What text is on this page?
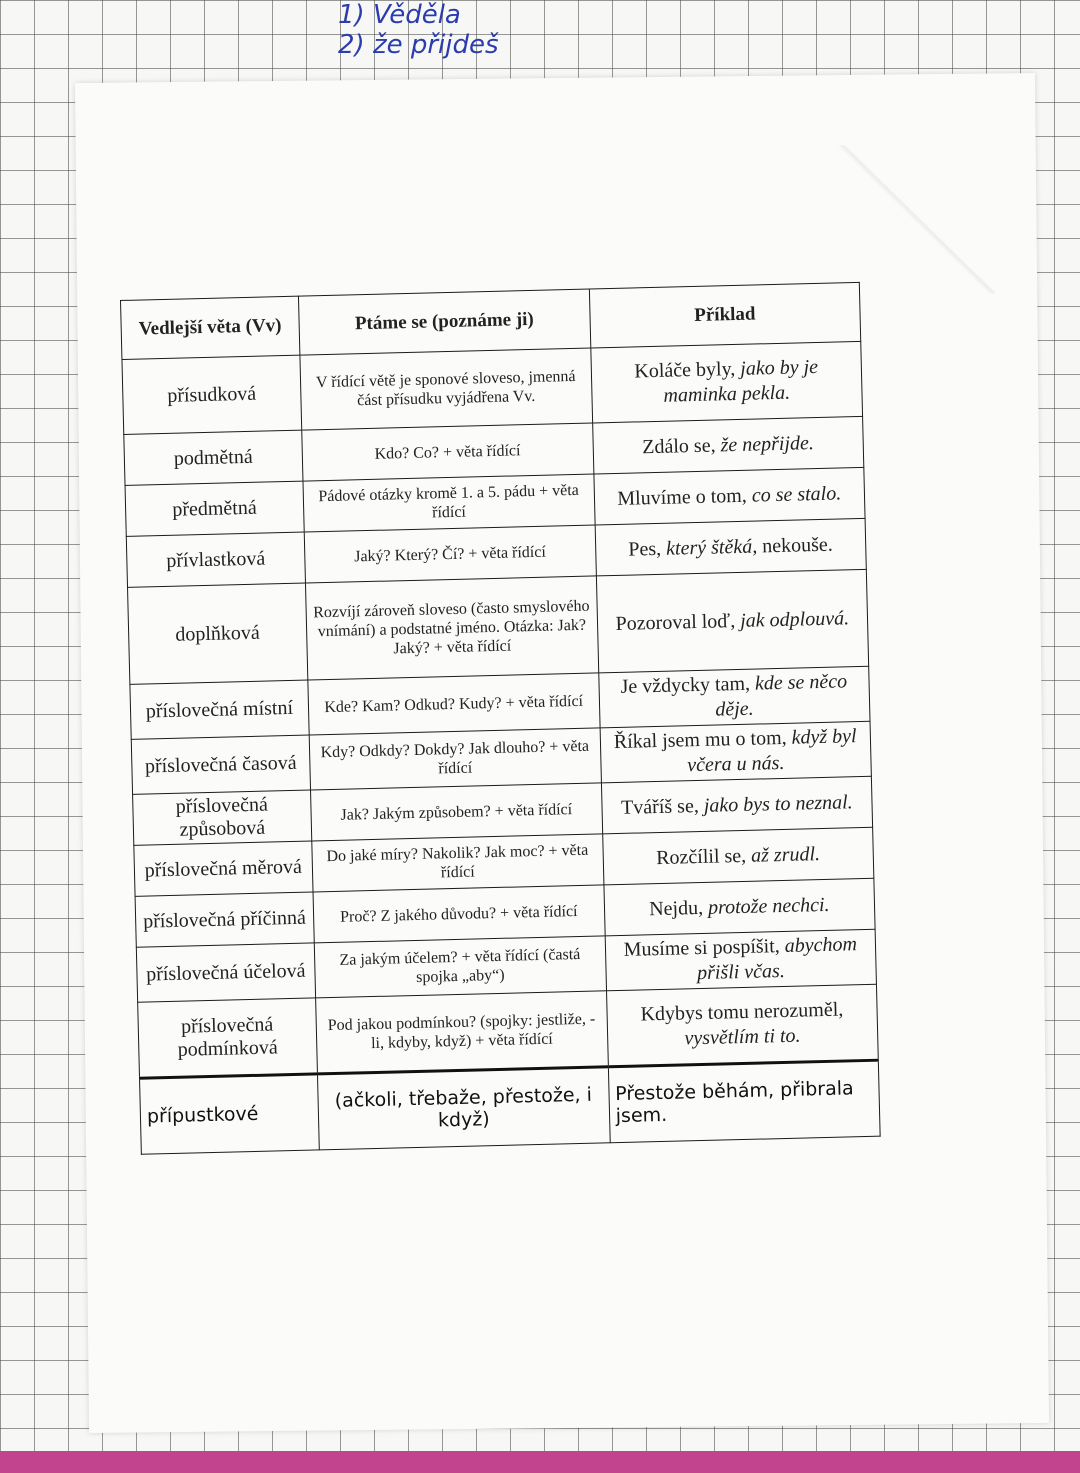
1) Věděla
2) že přijdeš
Vedlejší věta (Vv)	Ptáme se (poznáme ji)	Příklad
přísudková	V řídící větě je sponové sloveso, jmenná část přísudku vyjádřena Vv.	Koláče byly, jako by je maminka pekla.
podmětná	Kdo? Co? + věta řídící	Zdálo se, že nepřijde.
předmětná	Pádové otázky kromě 1. a 5. pádu + věta řídící	Mluvíme o tom, co se stalo.
přívlastková	Jaký? Který? Čí? + věta řídící	Pes, který štěká, nekouše.
doplňková	Rozvíjí zároveň sloveso (často smyslového vnímání) a podstatné jméno. Otázka: Jak? Jaký? + věta řídící	Pozoroval loď, jak odplouvá.
příslovečná místní	Kde? Kam? Odkud? Kudy? + věta řídící	Je vždycky tam, kde se něco děje.
příslovečná časová	Kdy? Odkdy? Dokdy? Jak dlouho? + věta řídící	Říkal jsem mu o tom, když byl včera u nás.
příslovečná způsobová	Jak? Jakým způsobem? + věta řídící	Tváříš se, jako bys to neznal.
příslovečná měrová	Do jaké míry? Nakolik? Jak moc? + věta řídící	Rozčílil se, až zrudl.
příslovečná příčinná	Proč? Z jakého důvodu? + věta řídící	Nejdu, protože nechci.
příslovečná účelová	Za jakým účelem? + věta řídící (častá spojka „aby“)	Musíme si pospíšit, abychom přišli včas.
příslovečná podmínková	Pod jakou podmínkou? (spojky: jestliže, -li, kdyby, když) + věta řídící	Kdybys tomu nerozuměl, vysvětlím ti to.
přípustkové	(ačkoli, třebaže, přestože, i když)	Přestože běhám, přibrala jsem.
